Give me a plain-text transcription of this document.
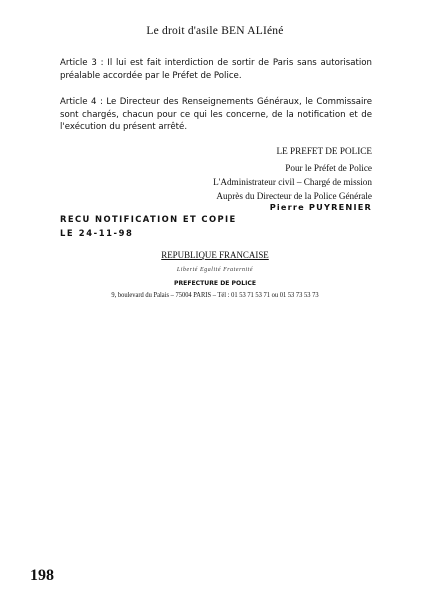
Le droit d'asile BEN ALIéné
Article 3 : Il lui est fait interdiction de sortir de Paris sans autorisation préalable accordée par le Préfet de Police.
Article 4 : Le Directeur des Renseignements Généraux, le Commissaire sont chargés, chacun pour ce qui les concerne, de la notification et de l'exécution du présent arrêté.
LE PREFET DE POLICE
Pour le Préfet de Police
L'Administrateur civil – Chargé de mission
Auprès du Directeur de la Police Générale
Pierre PUYRENIER
RECU NOTIFICATION ET COPIE
LE 24-11-98
REPUBLIQUE FRANCAISE
Liberté Egalité Fraternité
PREFECTURE DE POLICE
9, boulevard du Palais – 75004 PARIS – Tél : 01 53 71 53 71 ou 01 53 73 53 73
198
